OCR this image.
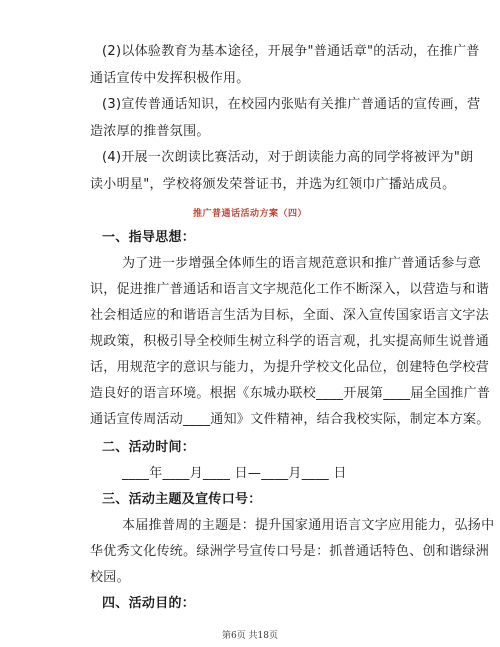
(2)以体验教育为基本途径，开展争"普通话章"的活动，在推广普
通话宣传中发挥积极作用。
(3)宣传普通话知识，在校园内张贴有关推广普通话的宣传画，营
造浓厚的推普氛围。
(4)开展一次朗读比赛活动，对于朗读能力高的同学将被评为"朗
读小明星"，学校将颁发荣誉证书，并选为红领巾广播站成员。
推广普通话活动方案（四）
一、指导思想：
为了进一步增强全体师生的语言规范意识和推广普通话参与意
识，促进推广普通话和语言文字规范化工作不断深入，以营造与和谐
社会相适应的和谐语言生活为目标，全面、深入宣传国家语言文字法
规政策，积极引导全校师生树立科学的语言观，扎实提高师生说普通
话，用规范字的意识与能力，为提升学校文化品位，创建特色学校营
造良好的语言环境。根据《东城办联校____开展第____届全国推广普
通话宣传周活动____通知》文件精神，结合我校实际，制定本方案。
二、活动时间：
____年____月____ 日—____月____ 日
三、活动主题及宣传口号：
本届推普周的主题是：提升国家通用语言文字应用能力，弘扬中
华优秀文化传统。绿洲学号宣传口号是：抓普通话特色、创和谐绿洲
校园。
四、活动目的：
第6页 共18页
